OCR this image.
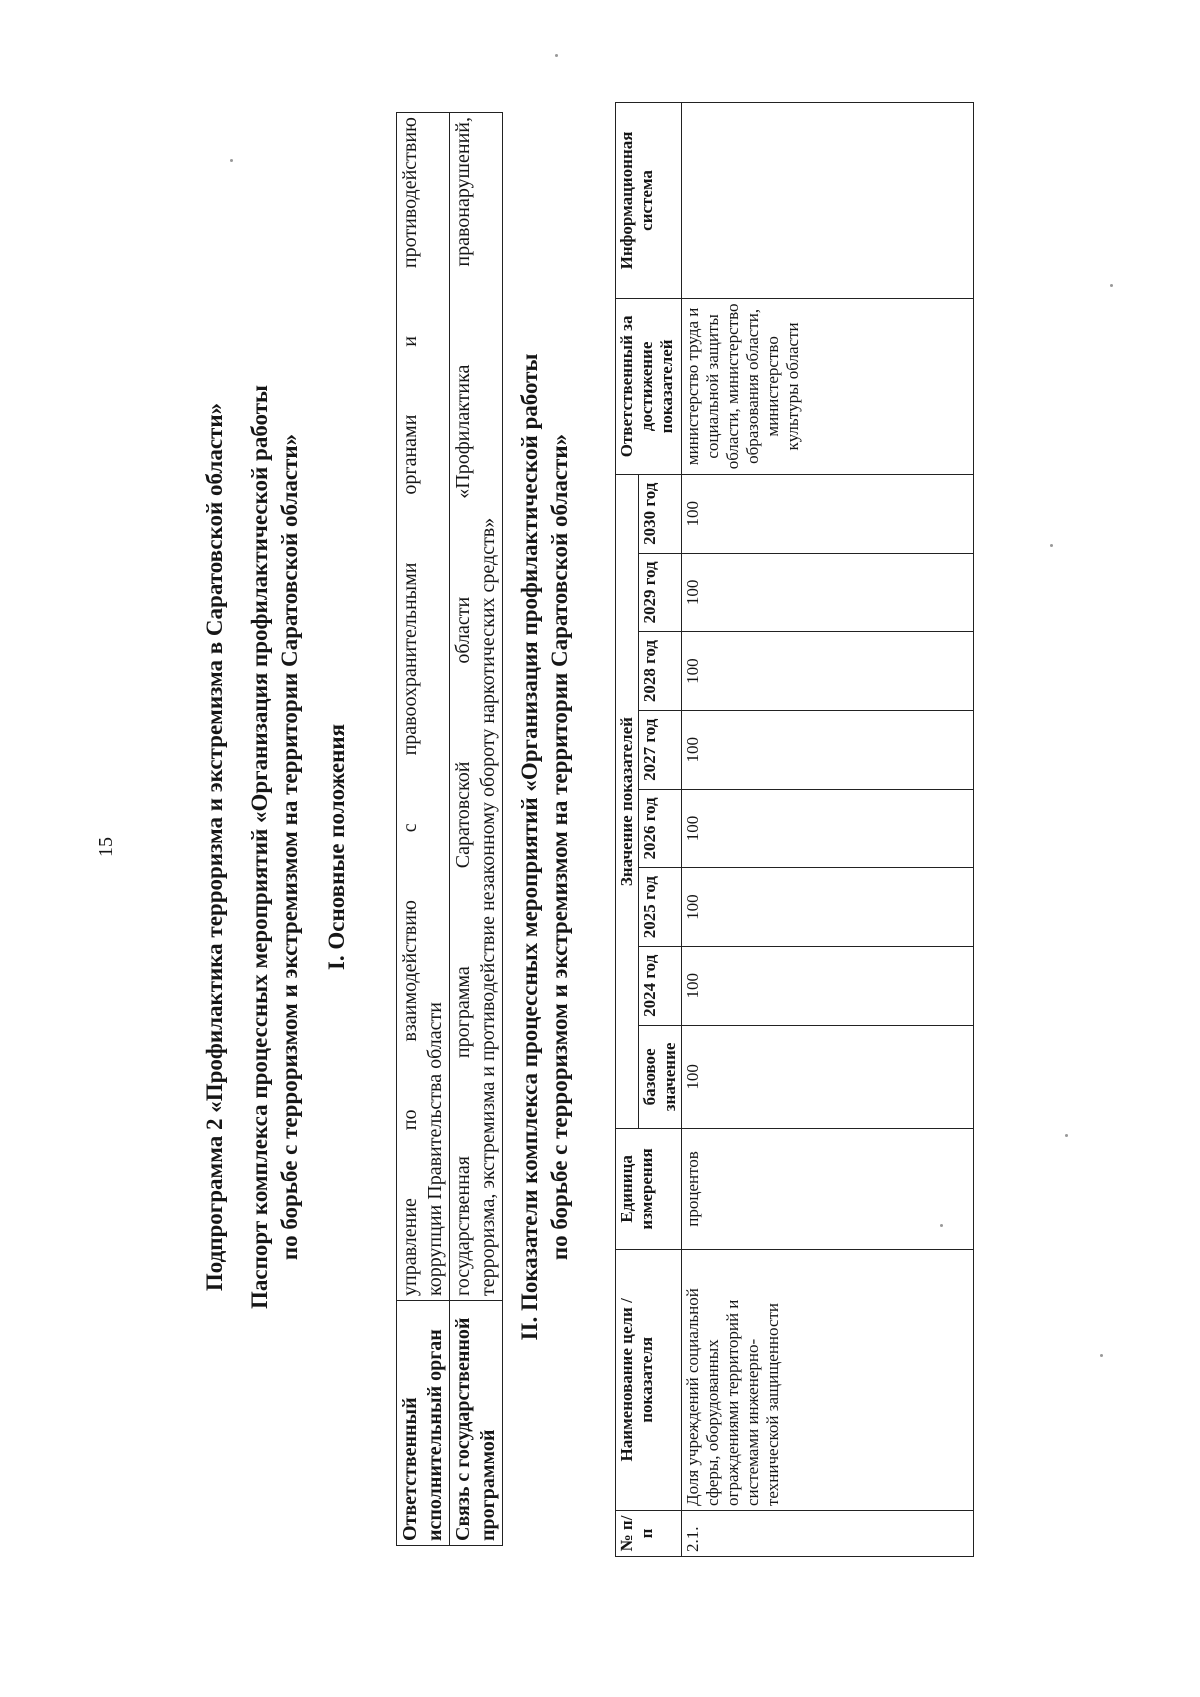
15	Подпрограмма 2 «Профилактика терроризма и экстремизма в Саратовской области» Паспорт комплекса процессных мероприятий «Организация профилактической работы по борьбе с терроризмом и экстремизмом на территории Саратовской области» I. Основные положения
Ответственный исполнительный орган	управление по взаимодействию с правоохранительными органами и противодействию коррупции Правительства области

Связь с государственной программой	государственная программа Саратовской области «Профилактика правонарушений, терроризма, экстремизма и противодействие незаконному обороту наркотических средств» II. Показатели комплекса процессных мероприятий «Организация профилактической работы по борьбе с терроризмом и экстремизмом на территории Саратовской области»
№ п/п	Наименование цели / показателя	Единица измерения	Значение показателей								Ответственный за достижение показателей	Информационная система
			базовое значение	2024 год	2025 год	2026 год	2027 год	2028 год	2029 год	2030 год		
2.1.	Доля учреждений социальной сферы, оборудованных ограждениями территорий и системами инженерно-технической защищенности	процентов	100	100	100	100	100	100	100	100	министерство труда и социальной защиты области, министерство образования области, министерство культуры области	
